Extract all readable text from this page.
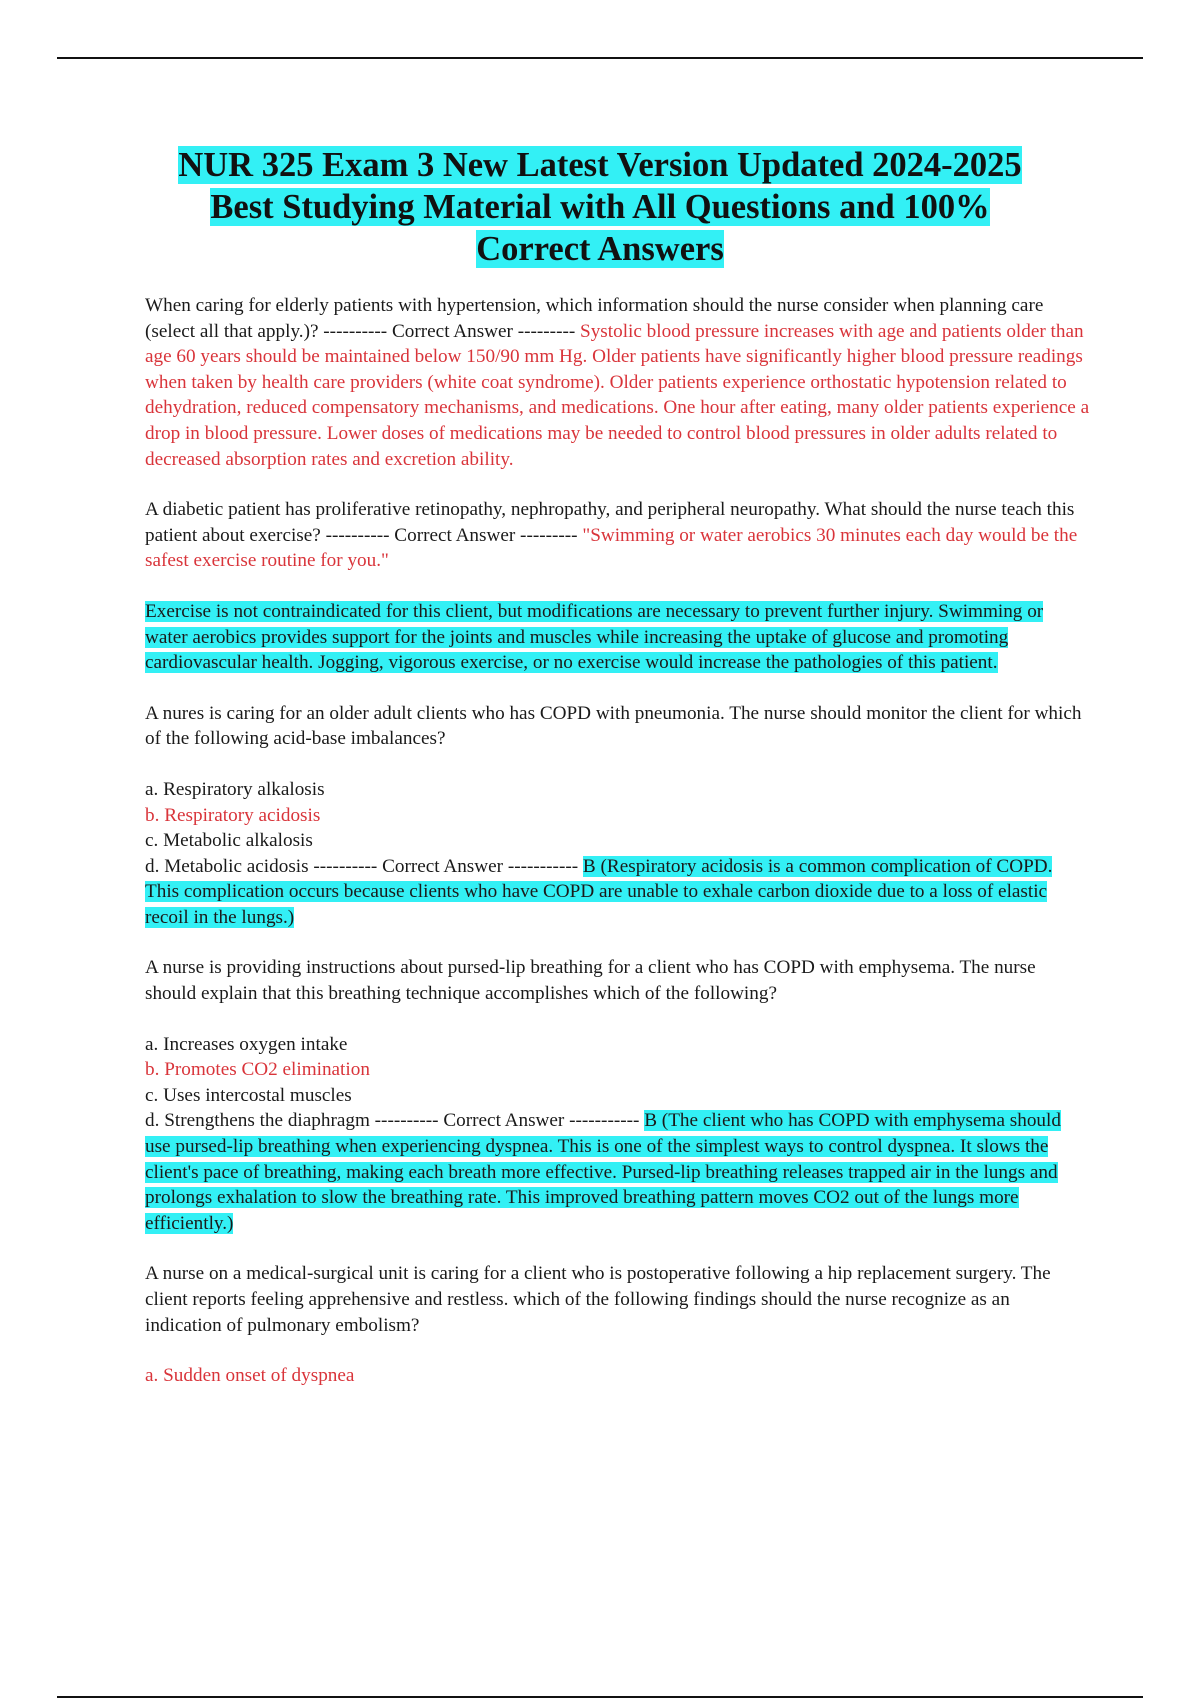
NUR 325 Exam 3 New Latest Version Updated 2024-2025
Best Studying Material with All Questions and 100%
Correct Answers

When caring for elderly patients with hypertension, which information should the nurse consider when planning care (select all that apply.)? ---------- Correct Answer --------- Systolic blood pressure increases with age and patients older than age 60 years should be maintained below 150/90 mm Hg. Older patients have significantly higher blood pressure readings when taken by health care providers (white coat syndrome). Older patients experience orthostatic hypotension related to dehydration, reduced compensatory mechanisms, and medications. One hour after eating, many older patients experience a drop in blood pressure. Lower doses of medications may be needed to control blood pressures in older adults related to decreased absorption rates and excretion ability.

A diabetic patient has proliferative retinopathy, nephropathy, and peripheral neuropathy. What should the nurse teach this patient about exercise? ---------- Correct Answer --------- "Swimming or water aerobics 30 minutes each day would be the safest exercise routine for you."

Exercise is not contraindicated for this client, but modifications are necessary to prevent further injury. Swimming or water aerobics provides support for the joints and muscles while increasing the uptake of glucose and promoting cardiovascular health. Jogging, vigorous exercise, or no exercise would increase the pathologies of this patient.

A nures is caring for an older adult clients who has COPD with pneumonia. The nurse should monitor the client for which of the following acid-base imbalances?

a. Respiratory alkalosis
b. Respiratory acidosis
c. Metabolic alkalosis
d. Metabolic acidosis ---------- Correct Answer ----------- B (Respiratory acidosis is a common complication of COPD. This complication occurs because clients who have COPD are unable to exhale carbon dioxide due to a loss of elastic recoil in the lungs.)

A nurse is providing instructions about pursed-lip breathing for a client who has COPD with emphysema. The nurse should explain that this breathing technique accomplishes which of the following?

a. Increases oxygen intake
b. Promotes CO2 elimination
c. Uses intercostal muscles
d. Strengthens the diaphragm ---------- Correct Answer ----------- B (The client who has COPD with emphysema should use pursed-lip breathing when experiencing dyspnea. This is one of the simplest ways to control dyspnea. It slows the client's pace of breathing, making each breath more effective. Pursed-lip breathing releases trapped air in the lungs and prolongs exhalation to slow the breathing rate. This improved breathing pattern moves CO2 out of the lungs more efficiently.)

A nurse on a medical-surgical unit is caring for a client who is postoperative following a hip replacement surgery. The client reports feeling apprehensive and restless. which of the following findings should the nurse recognize as an indication of pulmonary embolism?

a. Sudden onset of dyspnea
